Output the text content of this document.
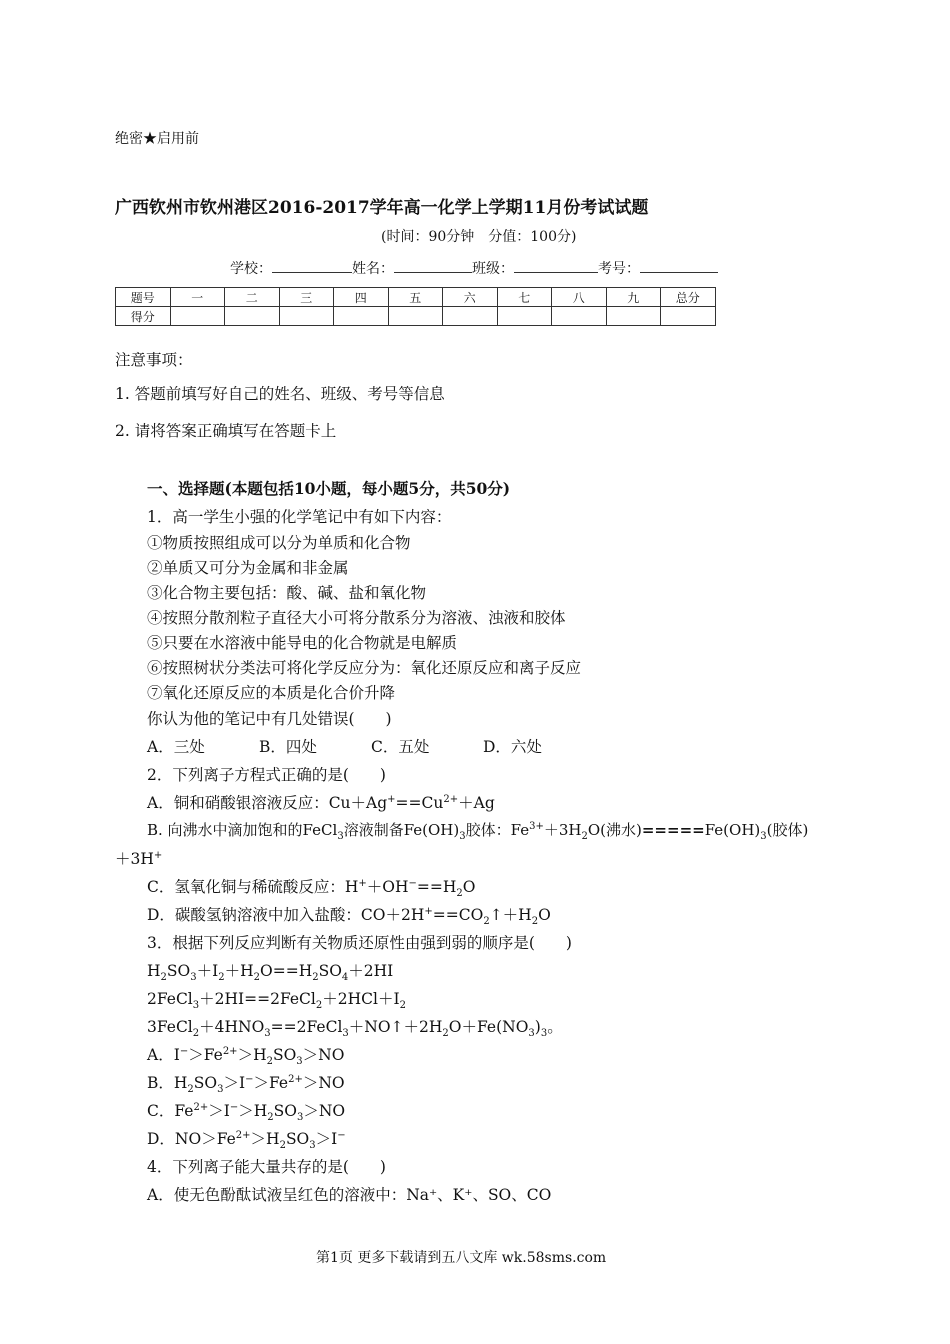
绝密★启用前
广西钦州市钦州港区2016-2017学年高一化学上学期11月份考试试题
(时间：90分钟　分值：100分)
学校：	姓名：	班级：	考号：
题号	一	二	三	四	五	六	七	八	九	总分
得分										
注意事项：
1. 答题前填写好自己的姓名、班级、考号等信息
2. 请将答案正确填写在答题卡上
一、选择题(本题包括10小题，每小题5分，共50分)
1．高一学生小强的化学笔记中有如下内容：
①物质按照组成可以分为单质和化合物
②单质又可分为金属和非金属
③化合物主要包括：酸、碱、盐和氧化物
④按照分散剂粒子直径大小可将分散系分为溶液、浊液和胶体
⑤只要在水溶液中能导电的化合物就是电解质
⑥按照树状分类法可将化学反应分为：氧化还原反应和离子反应
⑦氧化还原反应的本质是化合价升降
你认为他的笔记中有几处错误(　　)
A．三处	B．四处	C．五处	D．六处
2．下列离子方程式正确的是(　　)
A．铜和硝酸银溶液反应：$Cu+Ag^+==Cu^{2+}+Ag$
B. 向沸水中滴加饱和的FeCl$_3$溶液制备$Fe(OH)_3$胶体：$Fe^{3+}+3H_2O$(沸水)$=====Fe(OH)_3$(胶体)
＋3H+
C．氢氧化铜与稀硫酸反应：$H^++OH^-==H_2O$
D．碳酸氢钠溶液中加入盐酸：$CO+2H^+==CO_2↑+H_2O$
3．根据下列反应判断有关物质还原性由强到弱的顺序是(　　)
$H_2SO_3+I_2+H_2O==H_2SO_4+2HI$
$2FeCl_3+2HI==2FeCl_2+2HCl+I_2$
$3FeCl_2+4HNO_3==2FeCl_3+NO↑+2H_2O+Fe(NO_3)_3$。
A．$I^->Fe^{2+}>H_2SO_3>NO$
B．$H_2SO_3>I^->Fe^{2+}>NO$
C．$Fe^{2+}>I^->H_2SO_3>NO$
D．$NO>Fe^{2+}>H_2SO_3>I^-$
4．下列离子能大量共存的是(　　)
A．使无色酚酞试液呈红色的溶液中：Na⁺、K⁺、SO、CO
第1页 更多下载请到五八文库 wk.58sms.com
